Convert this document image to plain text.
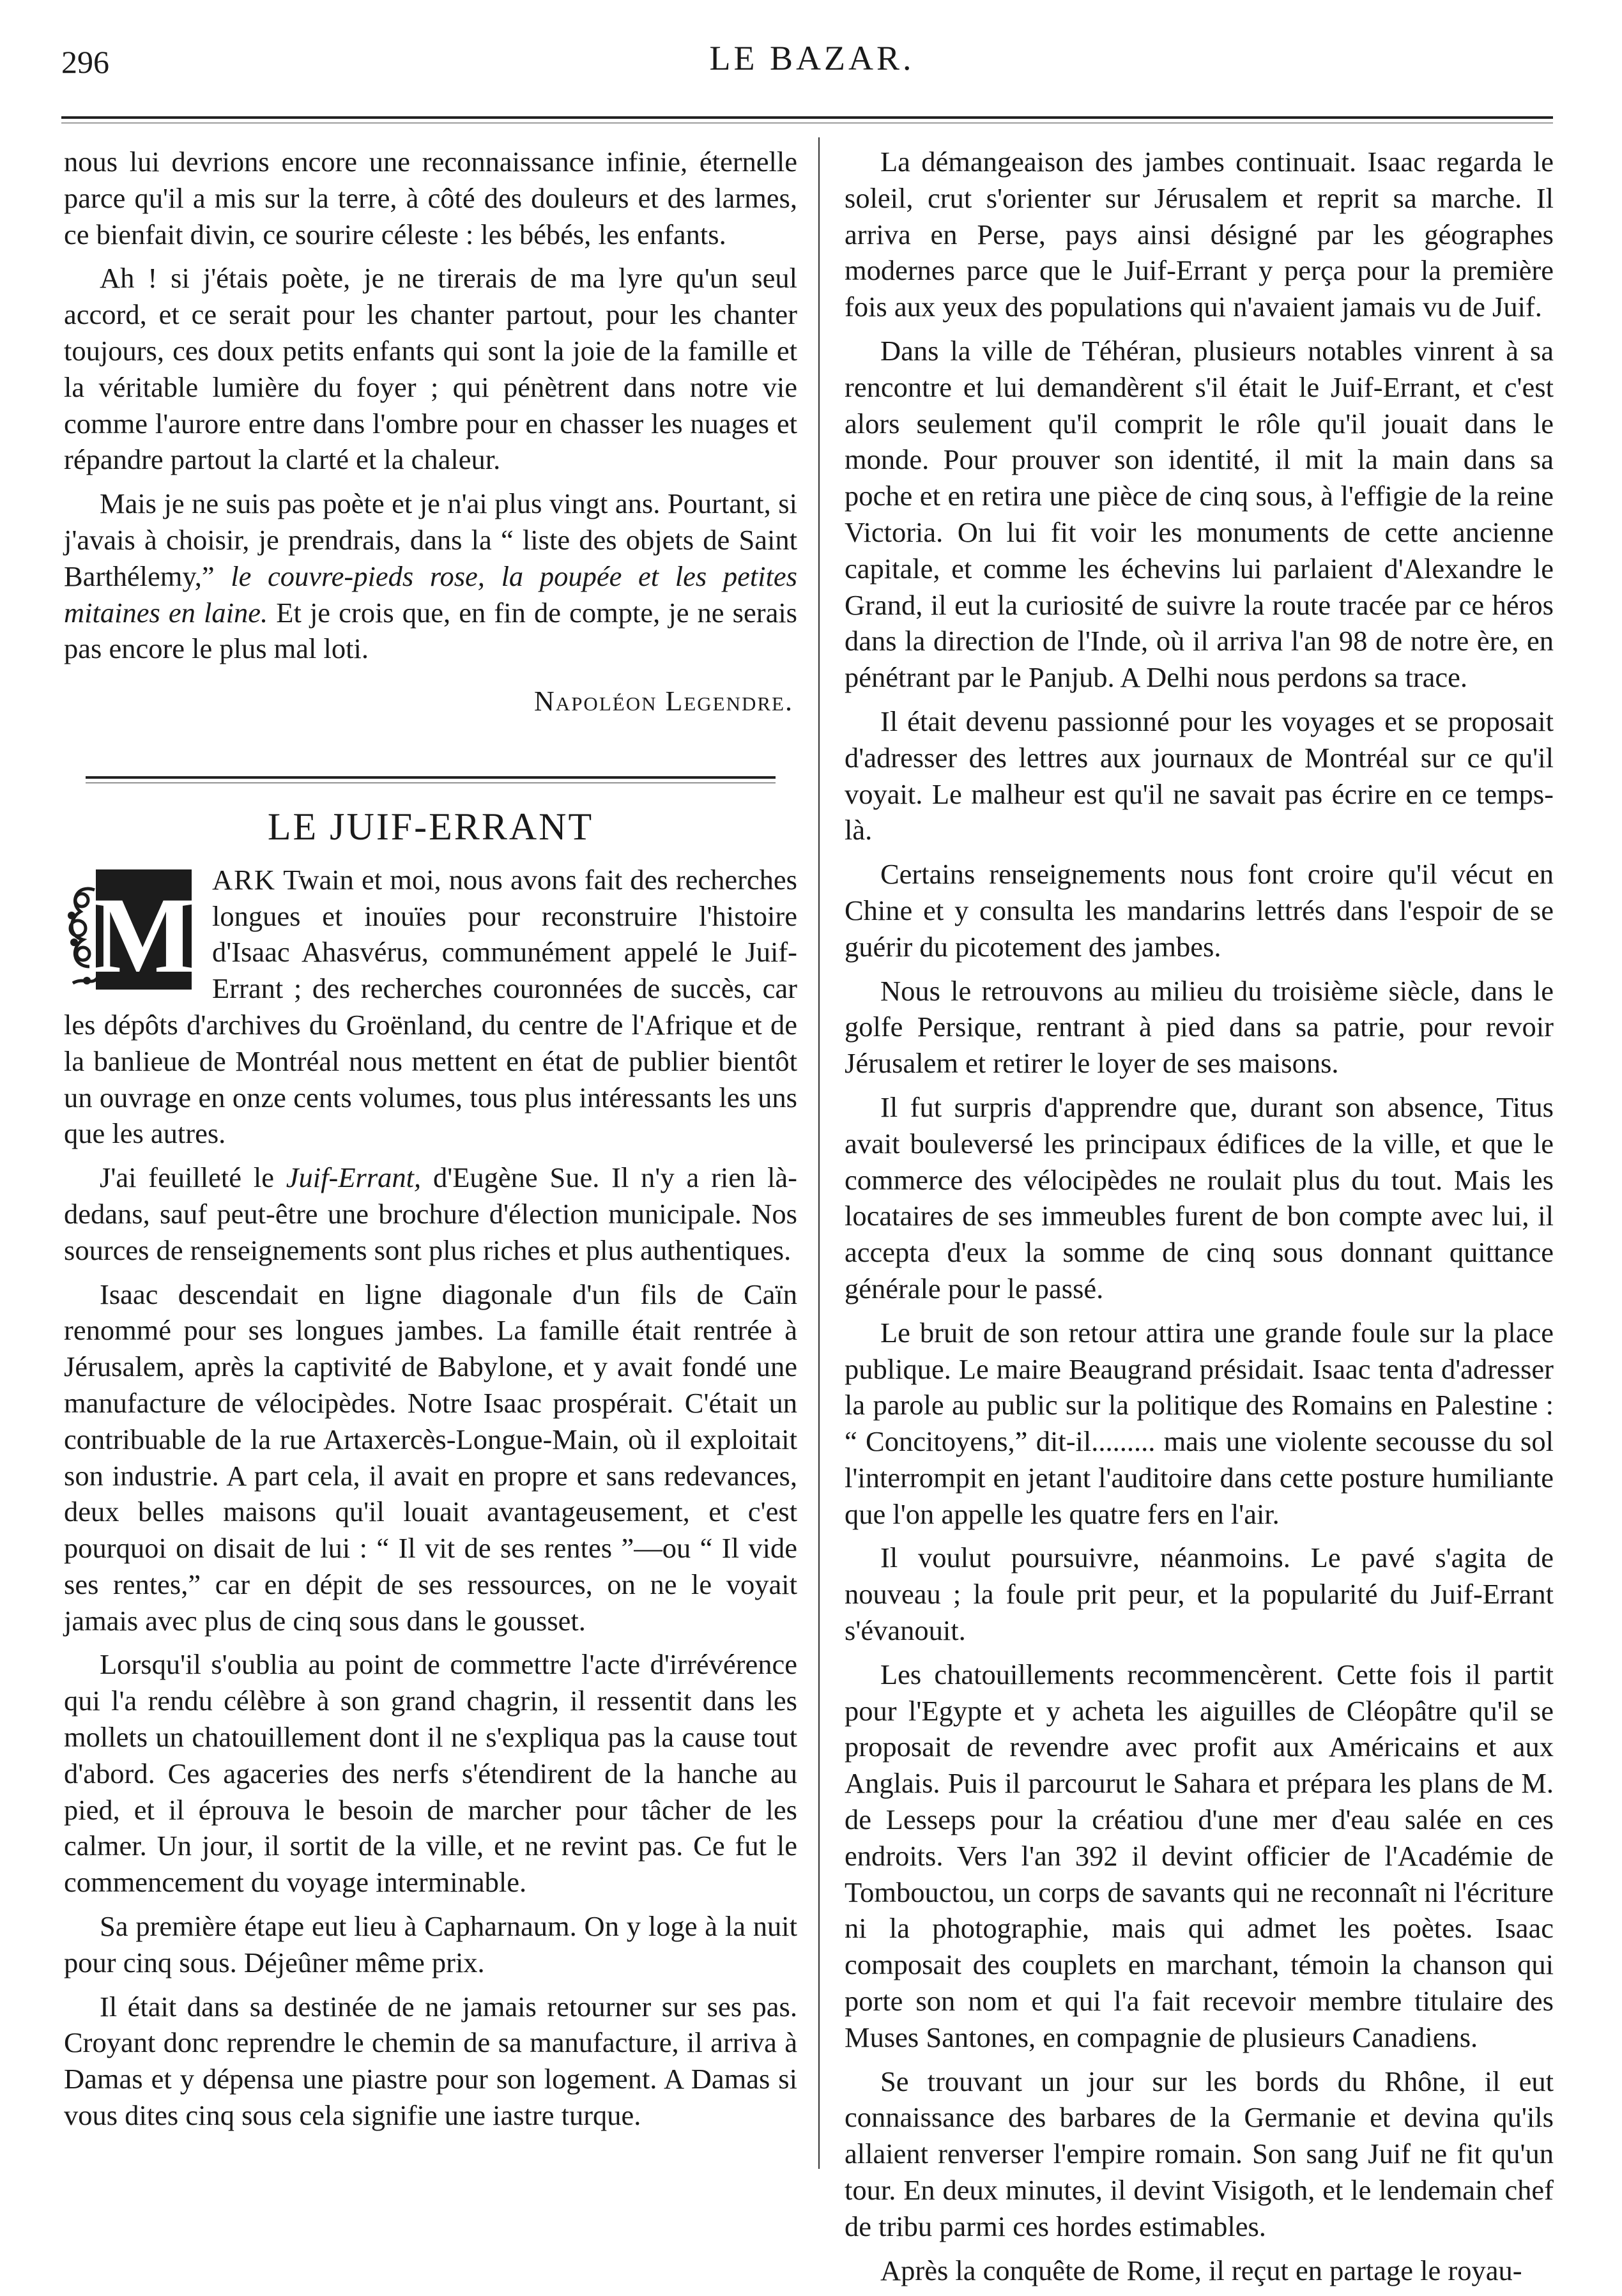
296	LE BAZAR.

nous lui devrions encore une reconnaissance infinie, éternelle parce qu'il a mis sur la terre, à côté des douleurs et des larmes, ce bienfait divin, ce sourire céleste : les bébés, les enfants.

Ah ! si j'étais poète, je ne tirerais de ma lyre qu'un seul accord, et ce serait pour les chanter partout, pour les chanter toujours, ces doux petits enfants qui sont la joie de la famille et la véritable lumière du foyer ; qui pénètrent dans notre vie comme l'aurore entre dans l'ombre pour en chasser les nuages et répandre partout la clarté et la chaleur.

Mais je ne suis pas poète et je n'ai plus vingt ans. Pourtant, si j'avais à choisir, je prendrais, dans la “ liste des objets de Saint Barthélemy,” le couvre-pieds rose, la poupée et les petites mitaines en laine. Et je crois que, en fin de compte, je ne serais pas encore le plus mal loti.

Napoléon Legendre.
LE JUIF-ERRANT
M ARK Twain et moi, nous avons fait des recherches longues et inouïes pour reconstruire l'histoire d'Isaac Ahasvérus, communément appelé le Juif-Errant ; des recherches couronnées de succès, car les dépôts d'archives du Groënland, du centre de l'Afrique et de la banlieue de Montréal nous mettent en état de publier bientôt un ouvrage en onze cents volumes, tous plus intéressants les uns que les autres.

J'ai feuilleté le Juif-Errant, d'Eugène Sue. Il n'y a rien là-dedans, sauf peut-être une brochure d'élection municipale. Nos sources de renseignements sont plus riches et plus authentiques.

Isaac descendait en ligne diagonale d'un fils de Caïn renommé pour ses longues jambes. La famille était rentrée à Jérusalem, après la captivité de Babylone, et y avait fondé une manufacture de vélocipèdes. Notre Isaac prospérait. C'était un contribuable de la rue Artaxercès-Longue-Main, où il exploitait son industrie. A part cela, il avait en propre et sans redevances, deux belles maisons qu'il louait avantageusement, et c'est pourquoi on disait de lui : “ Il vit de ses rentes ”—ou “ Il vide ses rentes,” car en dépit de ses ressources, on ne le voyait jamais avec plus de cinq sous dans le gousset.

Lorsqu'il s'oublia au point de commettre l'acte d'irrévérence qui l'a rendu célèbre à son grand chagrin, il ressentit dans les mollets un chatouillement dont il ne s'expliqua pas la cause tout d'abord. Ces agaceries des nerfs s'étendirent de la hanche au pied, et il éprouva le besoin de marcher pour tâcher de les calmer. Un jour, il sortit de la ville, et ne revint pas. Ce fut le commencement du voyage interminable.

Sa première étape eut lieu à Capharnaum. On y loge à la nuit pour cinq sous. Déjeûner même prix.

Il était dans sa destinée de ne jamais retourner sur ses pas. Croyant donc reprendre le chemin de sa manufacture, il arriva à Damas et y dépensa une piastre pour son logement. A Damas si vous dites cinq sous cela signifie une iastre turque.

La démangeaison des jambes continuait. Isaac regarda le soleil, crut s'orienter sur Jérusalem et reprit sa marche. Il arriva en Perse, pays ainsi désigné par les géographes modernes parce que le Juif-Errant y perça pour la première fois aux yeux des populations qui n'avaient jamais vu de Juif.

Dans la ville de Téhéran, plusieurs notables vinrent à sa rencontre et lui demandèrent s'il était le Juif-Errant, et c'est alors seulement qu'il comprit le rôle qu'il jouait dans le monde. Pour prouver son identité, il mit la main dans sa poche et en retira une pièce de cinq sous, à l'effigie de la reine Victoria. On lui fit voir les monuments de cette ancienne capitale, et comme les échevins lui parlaient d'Alexandre le Grand, il eut la curiosité de suivre la route tracée par ce héros dans la direction de l'Inde, où il arriva l'an 98 de notre ère, en pénétrant par le Panjub. A Delhi nous perdons sa trace.

Il était devenu passionné pour les voyages et se proposait d'adresser des lettres aux journaux de Montréal sur ce qu'il voyait. Le malheur est qu'il ne savait pas écrire en ce temps-là.

Certains renseignements nous font croire qu'il vécut en Chine et y consulta les mandarins lettrés dans l'espoir de se guérir du picotement des jambes.

Nous le retrouvons au milieu du troisième siècle, dans le golfe Persique, rentrant à pied dans sa patrie, pour revoir Jérusalem et retirer le loyer de ses maisons.

Il fut surpris d'apprendre que, durant son absence, Titus avait bouleversé les principaux édifices de la ville, et que le commerce des vélocipèdes ne roulait plus du tout. Mais les locataires de ses immeubles furent de bon compte avec lui, il accepta d'eux la somme de cinq sous donnant quittance générale pour le passé.

Le bruit de son retour attira une grande foule sur la place publique. Le maire Beaugrand présidait. Isaac tenta d'adresser la parole au public sur la politique des Romains en Palestine : “ Concitoyens,” dit-il......... mais une violente secousse du sol l'interrompit en jetant l'auditoire dans cette posture humiliante que l'on appelle les quatre fers en l'air.

Il voulut poursuivre, néanmoins. Le pavé s'agita de nouveau ; la foule prit peur, et la popularité du Juif-Errant s'évanouit.

Les chatouillements recommencèrent. Cette fois il partit pour l'Egypte et y acheta les aiguilles de Cléopâtre qu'il se proposait de revendre avec profit aux Américains et aux Anglais. Puis il parcourut le Sahara et prépara les plans de M. de Lesseps pour la créatiou d'une mer d'eau salée en ces endroits. Vers l'an 392 il devint officier de l'Académie de Tombouctou, un corps de savants qui ne reconnaît ni l'écriture ni la photographie, mais qui admet les poètes. Isaac composait des couplets en marchant, témoin la chanson qui porte son nom et qui l'a fait recevoir membre titulaire des Muses Santones, en compagnie de plusieurs Canadiens.

Se trouvant un jour sur les bords du Rhône, il eut connaissance des barbares de la Germanie et devina qu'ils allaient renverser l'empire romain. Son sang Juif ne fit qu'un tour. En deux minutes, il devint Visigoth, et le lendemain chef de tribu parmi ces hordes estimables.

Après la conquête de Rome, il reçut en partage le royau-
